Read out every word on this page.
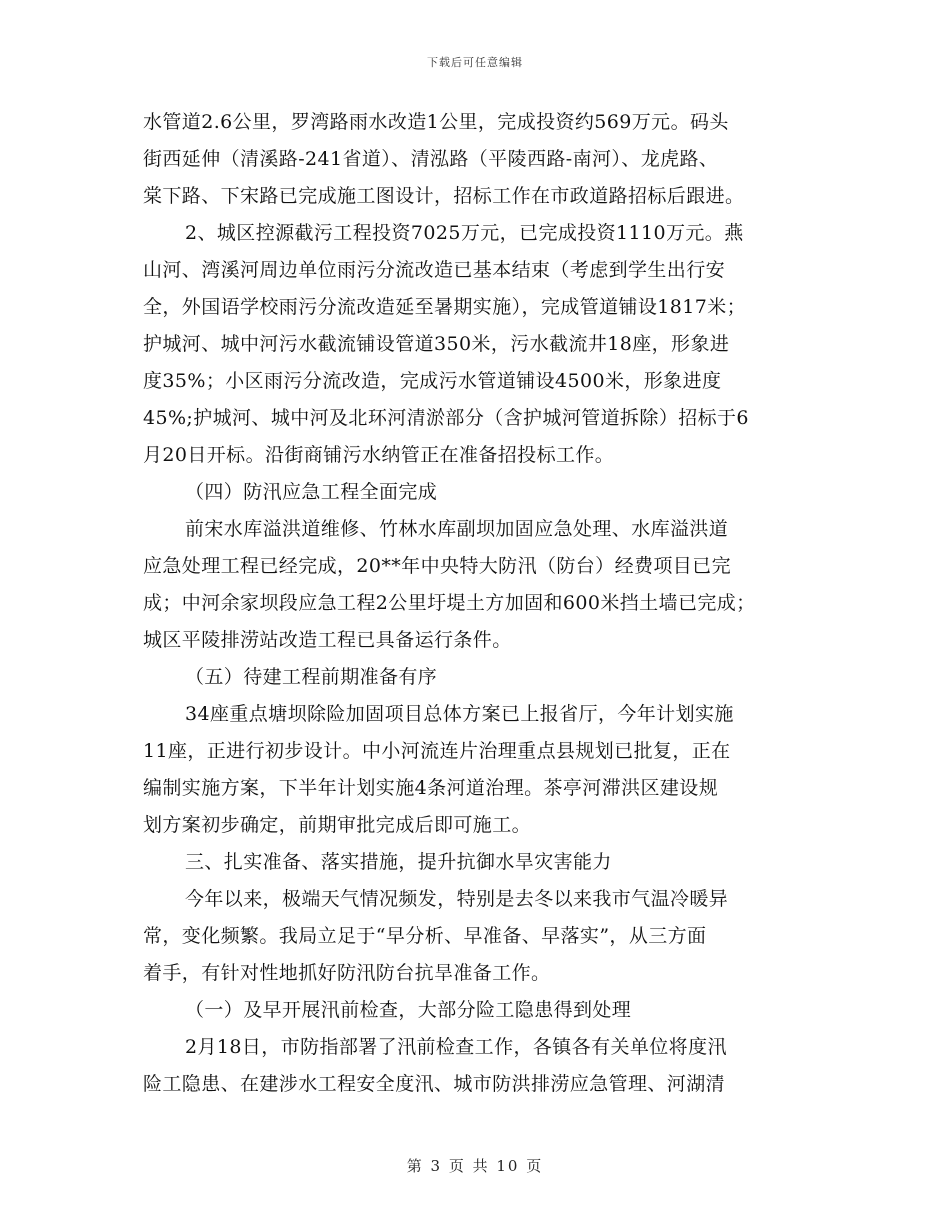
下载后可任意编辑
水管道2.6公里，罗湾路雨水改造1公里，完成投资约569万元。码头
街西延伸（清溪路-241省道）、清泓路（平陵西路-南河）、龙虎路、
棠下路、下宋路已完成施工图设计，招标工作在市政道路招标后跟进。
2、城区控源截污工程投资7025万元，已完成投资1110万元。燕
山河、湾溪河周边单位雨污分流改造已基本结束（考虑到学生出行安
全，外国语学校雨污分流改造延至暑期实施），完成管道铺设1817米；
护城河、城中河污水截流铺设管道350米，污水截流井18座，形象进
度35%；小区雨污分流改造，完成污水管道铺设4500米，形象进度
45%;护城河、城中河及北环河清淤部分（含护城河管道拆除）招标于6
月20日开标。沿街商铺污水纳管正在准备招投标工作。
（四）防汛应急工程全面完成
前宋水库溢洪道维修、竹林水库副坝加固应急处理、水库溢洪道
应急处理工程已经完成，20**年中央特大防汛（防台）经费项目已完
成；中河余家坝段应急工程2公里圩堤土方加固和600米挡土墙已完成；
城区平陵排涝站改造工程已具备运行条件。
（五）待建工程前期准备有序
34座重点塘坝除险加固项目总体方案已上报省厅，今年计划实施
11座，正进行初步设计。中小河流连片治理重点县规划已批复，正在
编制实施方案，下半年计划实施4条河道治理。茶亭河滞洪区建设规
划方案初步确定，前期审批完成后即可施工。
三、扎实准备、落实措施，提升抗御水旱灾害能力
今年以来，极端天气情况频发，特别是去冬以来我市气温冷暖异
常，变化频繁。我局立足于“早分析、早准备、早落实”，从三方面
着手，有针对性地抓好防汛防台抗旱准备工作。
（一）及早开展汛前检查，大部分险工隐患得到处理
2月18日，市防指部署了汛前检查工作，各镇各有关单位将度汛
险工隐患、在建涉水工程安全度汛、城市防洪排涝应急管理、河湖清
第 3 页 共 10 页
